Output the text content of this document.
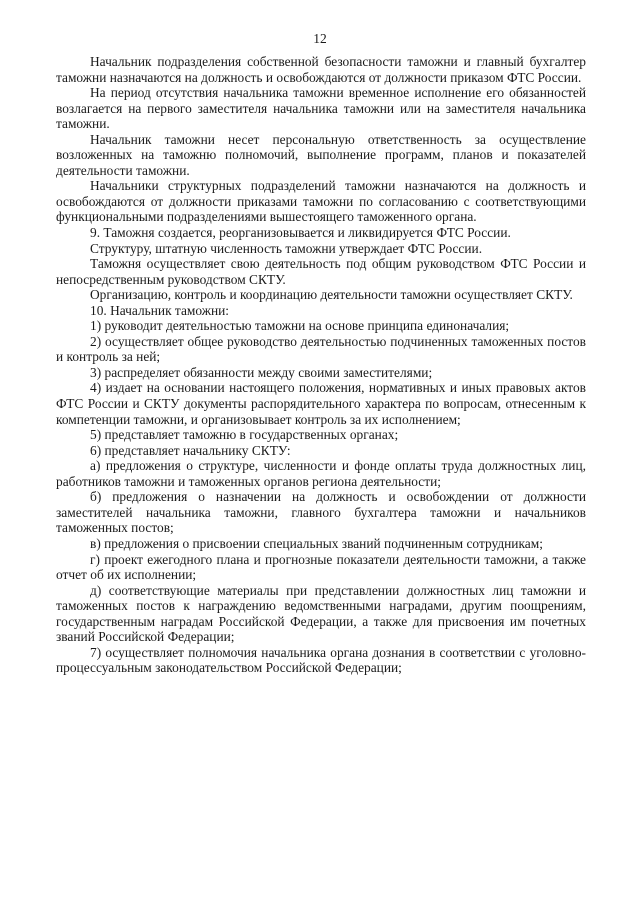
12

Начальник подразделения собственной безопасности таможни и главный бухгалтер таможни назначаются на должность и освобождаются от должности приказом ФТС России.

На период отсутствия начальника таможни временное исполнение его обязанностей возлагается на первого заместителя начальника таможни или на заместителя начальника таможни.

Начальник таможни несет персональную ответственность за осуществление возложенных на таможню полномочий, выполнение программ, планов и показателей деятельности таможни.

Начальники структурных подразделений таможни назначаются на должность и освобождаются от должности приказами таможни по согласованию с соответствующими функциональными подразделениями вышестоящего таможенного органа.

9. Таможня создается, реорганизовывается и ликвидируется ФТС России.

Структуру, штатную численность таможни утверждает ФТС России.

Таможня осуществляет свою деятельность под общим руководством ФТС России и непосредственным руководством СКТУ.

Организацию, контроль и координацию деятельности таможни осуществляет СКТУ.

10. Начальник таможни:

1) руководит деятельностью таможни на основе принципа единоначалия;

2) осуществляет общее руководство деятельностью подчиненных таможенных постов и контроль за ней;

3) распределяет обязанности между своими заместителями;

4) издает на основании настоящего положения, нормативных и иных правовых актов ФТС России и СКТУ документы распорядительного характера по вопросам, отнесенным к компетенции таможни, и организовывает контроль за их исполнением;

5) представляет таможню в государственных органах;

6) представляет начальнику СКТУ:

а) предложения о структуре, численности и фонде оплаты труда должностных лиц, работников таможни и таможенных органов региона деятельности;

б) предложения о назначении на должность и освобождении от должности заместителей начальника таможни, главного бухгалтера таможни и начальников таможенных постов;

в) предложения о присвоении специальных званий подчиненным сотрудникам;

г) проект ежегодного плана и прогнозные показатели деятельности таможни, а также отчет об их исполнении;

д) соответствующие материалы при представлении должностных лиц таможни и таможенных постов к награждению ведомственными наградами, другим поощрениям, государственным наградам Российской Федерации, а также для присвоения им почетных званий Российской Федерации;

7) осуществляет полномочия начальника органа дознания в соответствии с уголовно-процессуальным законодательством Российской Федерации;
